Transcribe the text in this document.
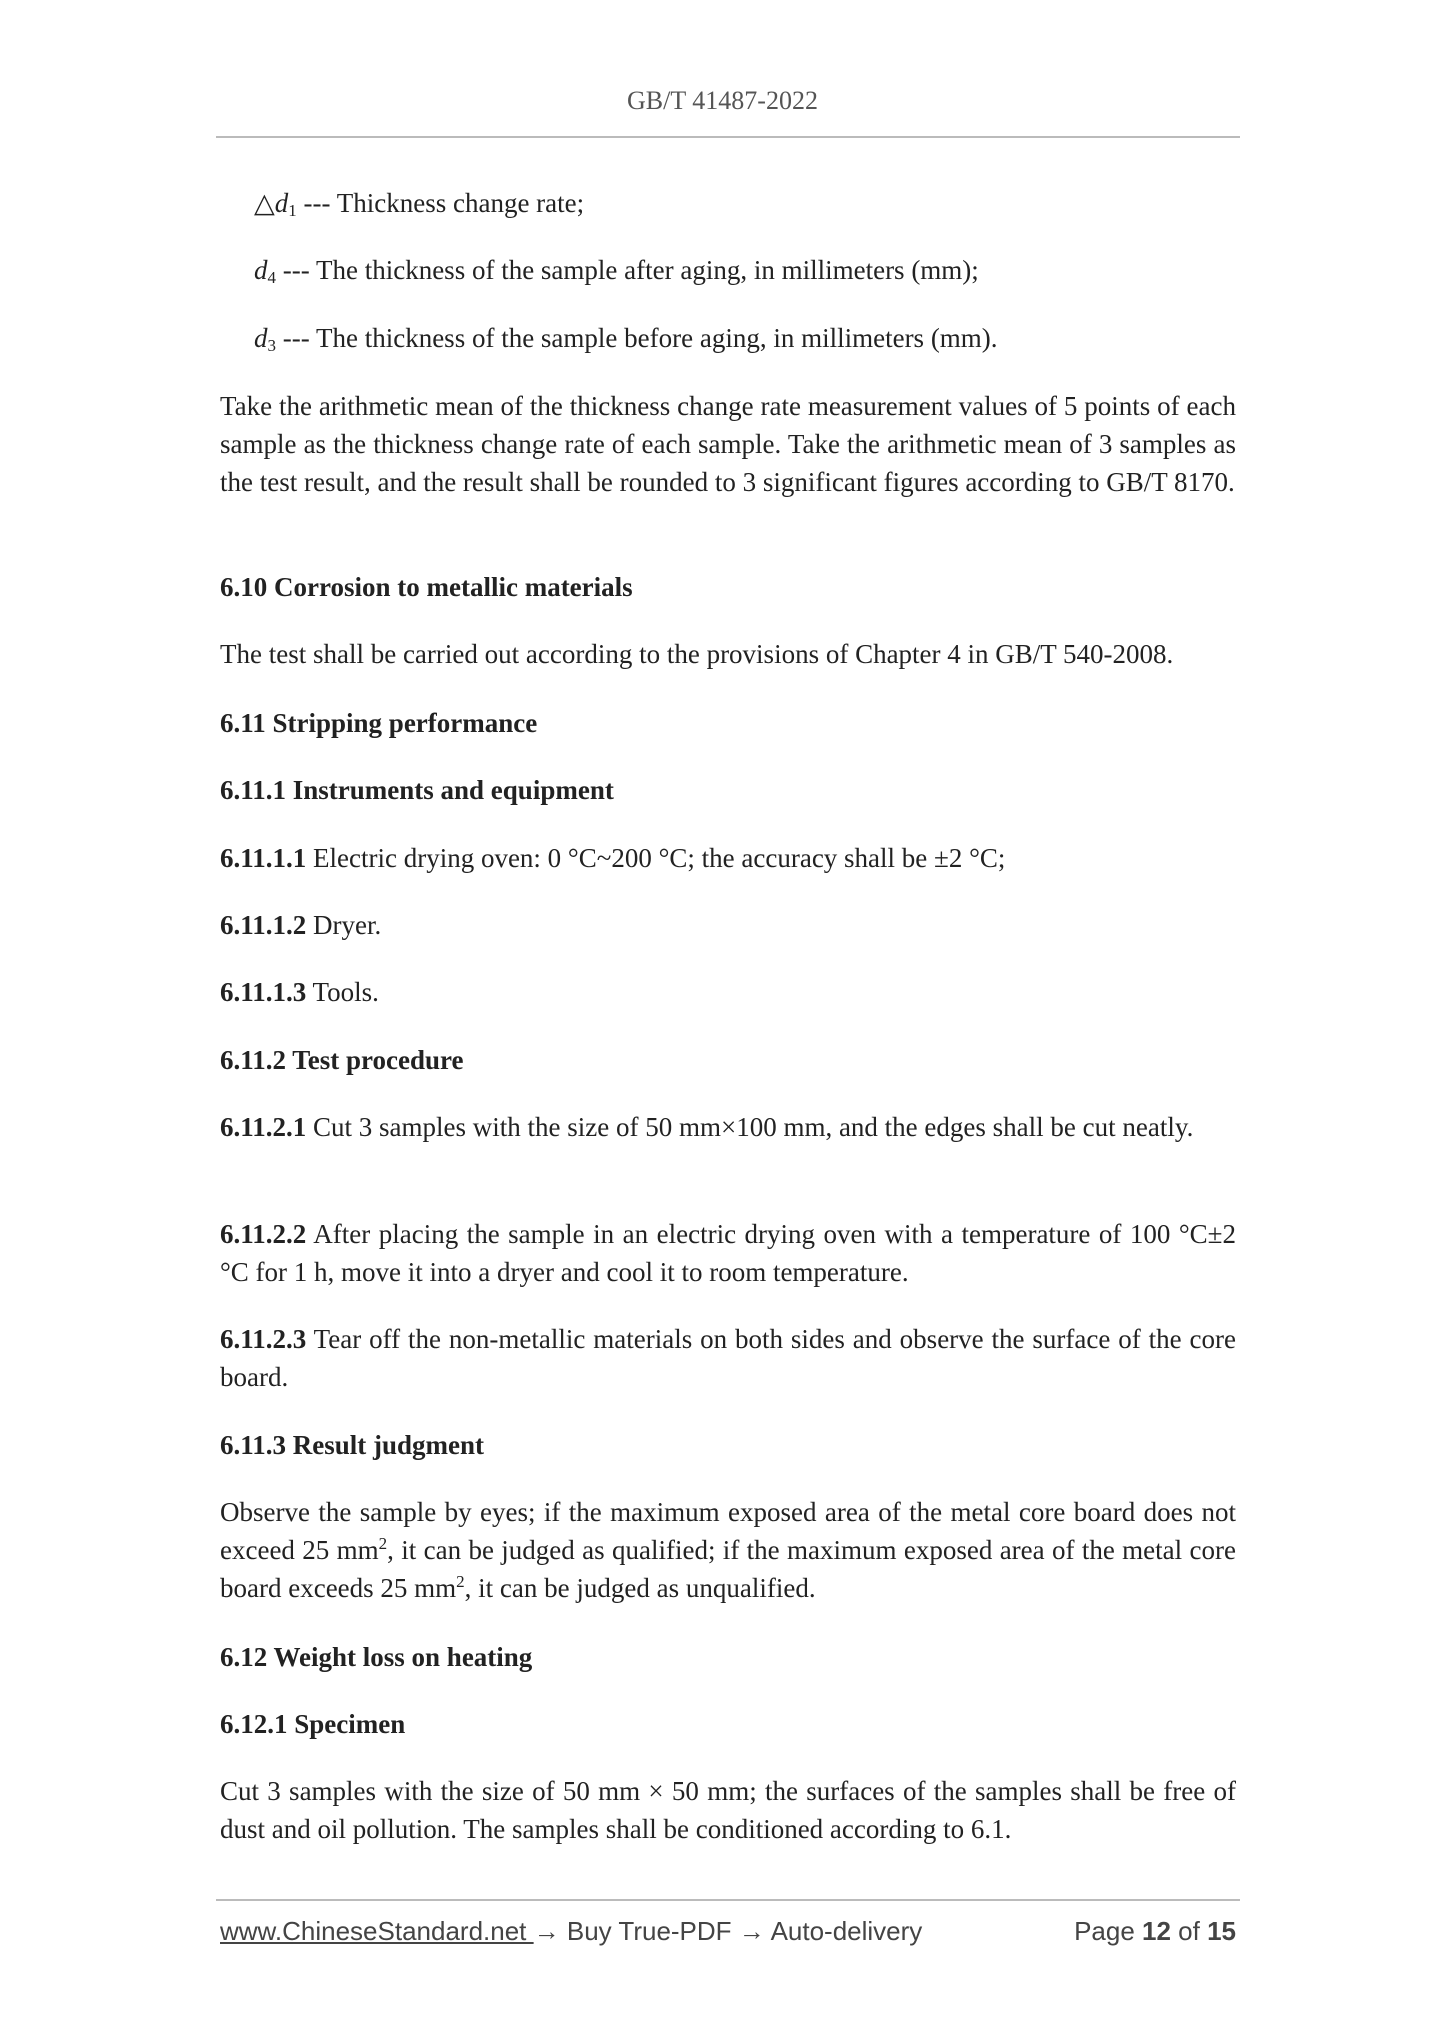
GB/T 41487-2022
$\triangle d_1$ --- Thickness change rate;
$d_4$ --- The thickness of the sample after aging, in millimeters (mm);
$d_3$ --- The thickness of the sample before aging, in millimeters (mm).
Take the arithmetic mean of the thickness change rate measurement values of 5 points of each sample as the thickness change rate of each sample. Take the arithmetic mean of 3 samples as the test result, and the result shall be rounded to 3 significant figures according to GB/T 8170.
6.10 Corrosion to metallic materials
The test shall be carried out according to the provisions of Chapter 4 in GB/T 540-2008.
6.11 Stripping performance
6.11.1 Instruments and equipment
6.11.1.1 Electric drying oven: 0 °C~200 °C; the accuracy shall be ±2 °C;
6.11.1.2 Dryer.
6.11.1.3 Tools.
6.11.2 Test procedure
6.11.2.1 Cut 3 samples with the size of 50 mm×100 mm, and the edges shall be cut neatly.
6.11.2.2 After placing the sample in an electric drying oven with a temperature of 100 °C±2 °C for 1 h, move it into a dryer and cool it to room temperature.
6.11.2.3 Tear off the non-metallic materials on both sides and observe the surface of the core board.
6.11.3 Result judgment
Observe the sample by eyes; if the maximum exposed area of the metal core board does not exceed 25 $mm^2$, it can be judged as qualified; if the maximum exposed area of the metal core board exceeds 25 $mm^2$, it can be judged as unqualified.
6.12 Weight loss on heating
6.12.1 Specimen
Cut 3 samples with the size of 50 mm × 50 mm; the surfaces of the samples shall be free of dust and oil pollution. The samples shall be conditioned according to 6.1.
www.ChineseStandard.net → Buy True-PDF → Auto-delivery	Page 12 of 15
